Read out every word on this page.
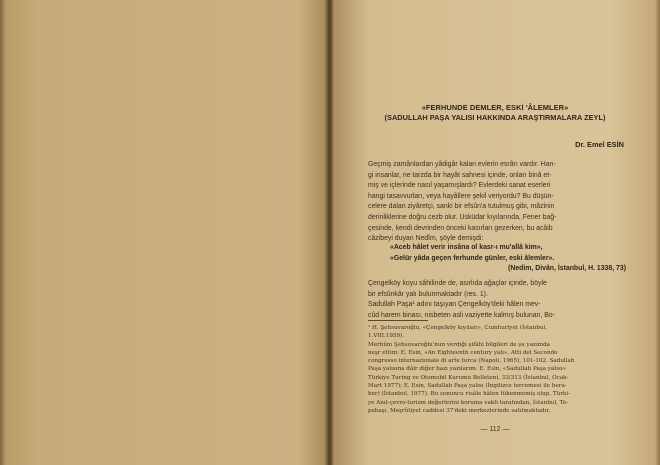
«FERHUNDE DEMLER, ESKİ 'ÂLEMLER»
(SADULLAH PAŞA YALISI HAKKINDA ARAŞTIRMALARA ZEYL)
Dr. Emel ESİN
Geçmiş zamânlardan yâdigâr kalan evlerin esrârı vardır. Han-
gi insanlar, ne tarzda bir hayât sahnesi içinde, onları binâ et-
miş ve içlerinde nasıl yaşamışlardı? Evlerdeki sanat eserleri
hangi tasavvurları, veya hayâllere şekil veriyordu? Bu düşün-
celere dalan ziyâretçi, sanki bir efsûn'a tutulmuş gibi, mâzinin
derinliklerine doğru cezb olur. Üsküdar kıyılarında, Fener bağ-
çesinde, kendi devrinden önceki kasırları gezerken, bu acâib
câzibeyi duyan Nedîm, şöyle demişdi:
«Aceb hâlet verir insâna ol kasr-ı mu'allâ kim»,
«Gelür yâda geçen ferhunde günler, eski âlemler».
(Nedim, Divân, İstanbul, H. 1338, 73)
Çengelköy koyu sâhilinde de, asırlıda ağaçlar içinde, böyle
bir efsûnkâr yalı bulunmaktadır (res. 1).
Sadullah Paşa¹ adını taşıyan Çengelköy'deki hâlen mev-
cûd harem binası, nisbeten asli vaziyette kalmış bulunan, Bo-
¹ H. Şehsuvaroğlu, «Çengelköy kıyıları», Cumhuriyet (İstanbul,
1.VIII.1959).
Merhûm Şehsuvaroğlu'nun verdiği şifâhi bilgileri de şu yazımda
neşr ettim: E. Esin, «An Eighteenth century yalı», Atti del Secondo
congresso internazionale di arte turca (Napoli, 1965), 101-102. Sadullah
Paşa yalısına dâir diğer bazı yazılarım: E. Esin, «Sadullah Paşa yalısı»
Türkiye Turing ve Otomobil Kurumu Belleteni, 33/313 (İstanbul, Ocak-
Mart 1977); E. Esin, Sadullah Paşa yalısı (İngilizce tercemesi ile bera-
ber) (İstanbul, 1977). Bu sonuncu risâle hâlen tükenmemiş olup, Türki-
ye Anıt-çevre-turizm değerlerini koruma vakfı tarafından, İstanbul, Te-
pebaşı, Meşrûtiyet caddesi 37'deki merkezlerinde satılmaktadır.
— 112 —
